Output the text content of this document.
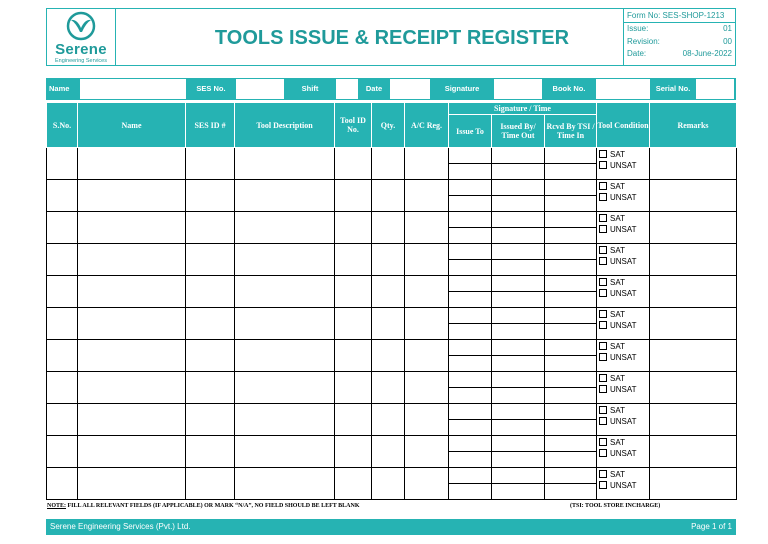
Serene
Engineering Services
TOOLS ISSUE & RECEIPT REGISTER
Form No: SES-SHOP-1213
Issue:	01
Revision:	00
Date:	08-June-2022
Name	SES No.	Shift	Date	Signature	Book No.	Serial No.
S.No.	Name	SES ID #	Tool Description	Tool ID No.	Qty.	A/C Reg.	Signature / Time			Tool Condition	Remarks
							Issue To	Issued By/ Time Out	Rcvd By TSI / Time In		

										SAT
UNSAT	

										SAT
UNSAT	

										SAT
UNSAT	

										SAT
UNSAT	

										SAT
UNSAT	

										SAT
UNSAT	

										SAT
UNSAT	

										SAT
UNSAT	

										SAT
UNSAT	

										SAT
UNSAT	

										SAT
UNSAT	

NOTE: FILL ALL RELEVANT FIELDS (IF APPLICABLE) OR MARK “N/A”, NO FIELD SHOULD BE LEFT BLANK	(TSI: TOOL STORE INCHARGE)
Serene Engineering Services (Pvt.) Ltd.	Page 1 of 1
